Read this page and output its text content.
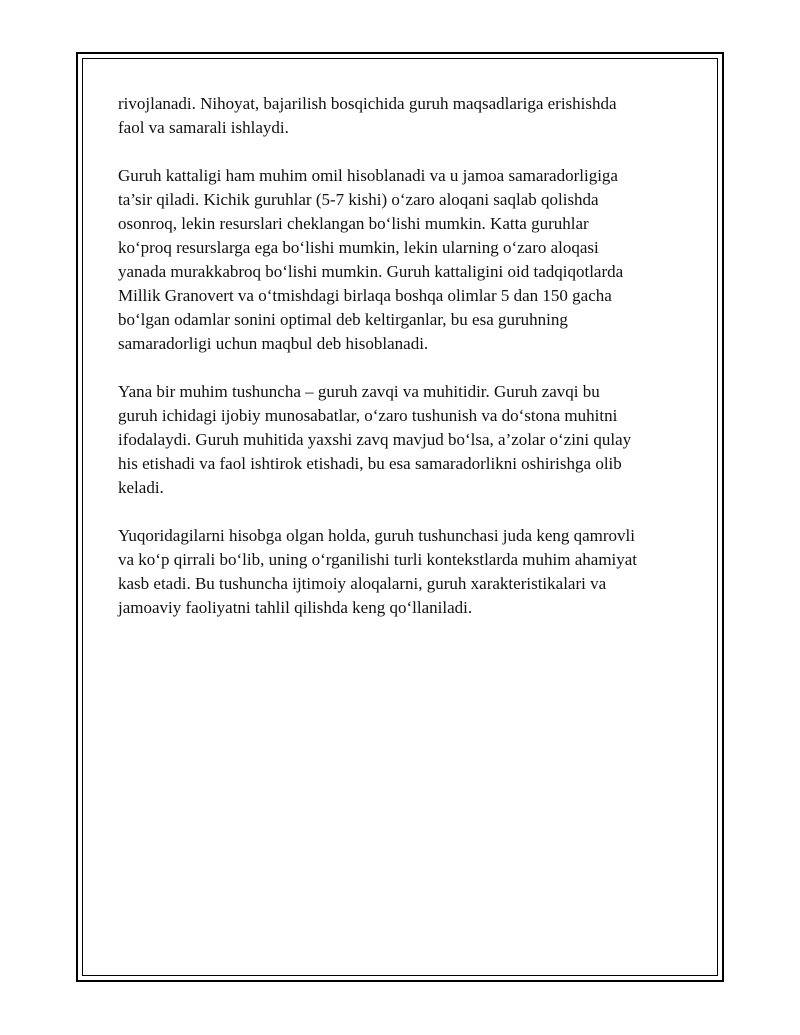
rivojlanadi. Nihoyat, bajarilish bosqichida guruh maqsadlariga erishishda
faol va samarali ishlaydi.

Guruh kattaligi ham muhim omil hisoblanadi va u jamoa samaradorligiga
ta’sir qiladi. Kichik guruhlar (5-7 kishi) o‘zaro aloqani saqlab qolishda
osonroq, lekin resurslari cheklangan bo‘lishi mumkin. Katta guruhlar
ko‘proq resurslarga ega bo‘lishi mumkin, lekin ularning o‘zaro aloqasi
yanada murakkabroq bo‘lishi mumkin. Guruh kattaligini oid tadqiqotlarda
Millik Granovert va o‘tmishdagi birlaqa boshqa olimlar 5 dan 150 gacha
bo‘lgan odamlar sonini optimal deb keltirganlar, bu esa guruhning
samaradorligi uchun maqbul deb hisoblanadi.

Yana bir muhim tushuncha – guruh zavqi va muhitidir. Guruh zavqi bu
guruh ichidagi ijobiy munosabatlar, o‘zaro tushunish va do‘stona muhitni
ifodalaydi. Guruh muhitida yaxshi zavq mavjud bo‘lsa, a’zolar o‘zini qulay
his etishadi va faol ishtirok etishadi, bu esa samaradorlikni oshirishga olib
keladi.

Yuqoridagilarni hisobga olgan holda, guruh tushunchasi juda keng qamrovli
va ko‘p qirrali bo‘lib, uning o‘rganilishi turli kontekstlarda muhim ahamiyat
kasb etadi. Bu tushuncha ijtimoiy aloqalarni, guruh xarakteristikalari va
jamoaviy faoliyatni tahlil qilishda keng qo‘llaniladi.
